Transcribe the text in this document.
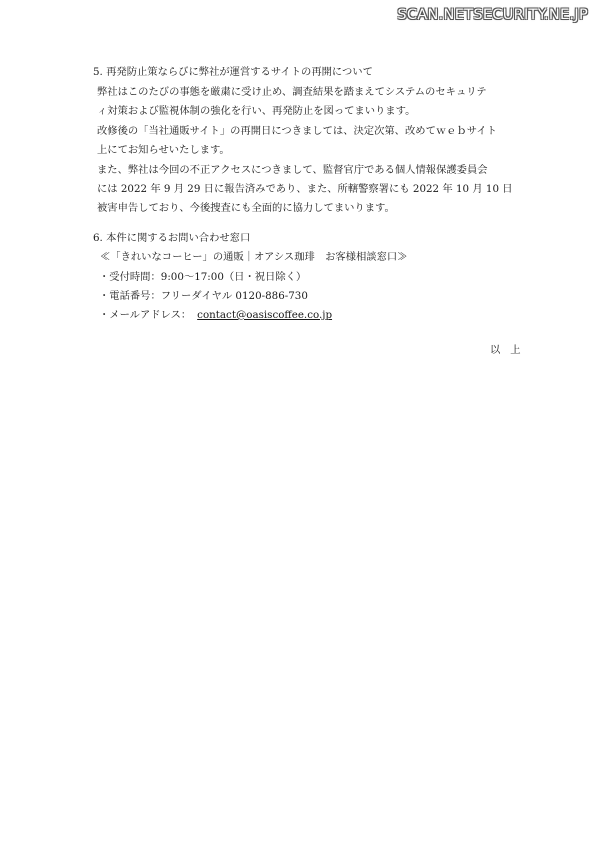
SCAN.NETSECURITY.NE.JP
5. 再発防止策ならびに弊社が運営するサイトの再開について
弊社はこのたびの事態を厳粛に受け止め、調査結果を踏まえてシステムのセキュリテ
ィ対策および監視体制の強化を行い、再発防止を図ってまいります。
改修後の「当社通販サイト」の再開日につきましては、決定次第、改めてｗｅｂサイト
上にてお知らせいたします。
また、弊社は今回の不正アクセスにつきまして、監督官庁である個人情報保護委員会
には 2022 年 9 月 29 日に報告済みであり、また、所轄警察署にも 2022 年 10 月 10 日
被害申告しており、今後捜査にも全面的に協力してまいります。
6. 本件に関するお問い合わせ窓口
≪「きれいなコーヒー」の通販｜オアシス珈琲　お客様相談窓口≫
・受付時間：9:00～17:00（日・祝日除く）
・電話番号：フリーダイヤル 0120-886-730
・メールアドレス： contact@oasiscoffee.co.jp
以上
